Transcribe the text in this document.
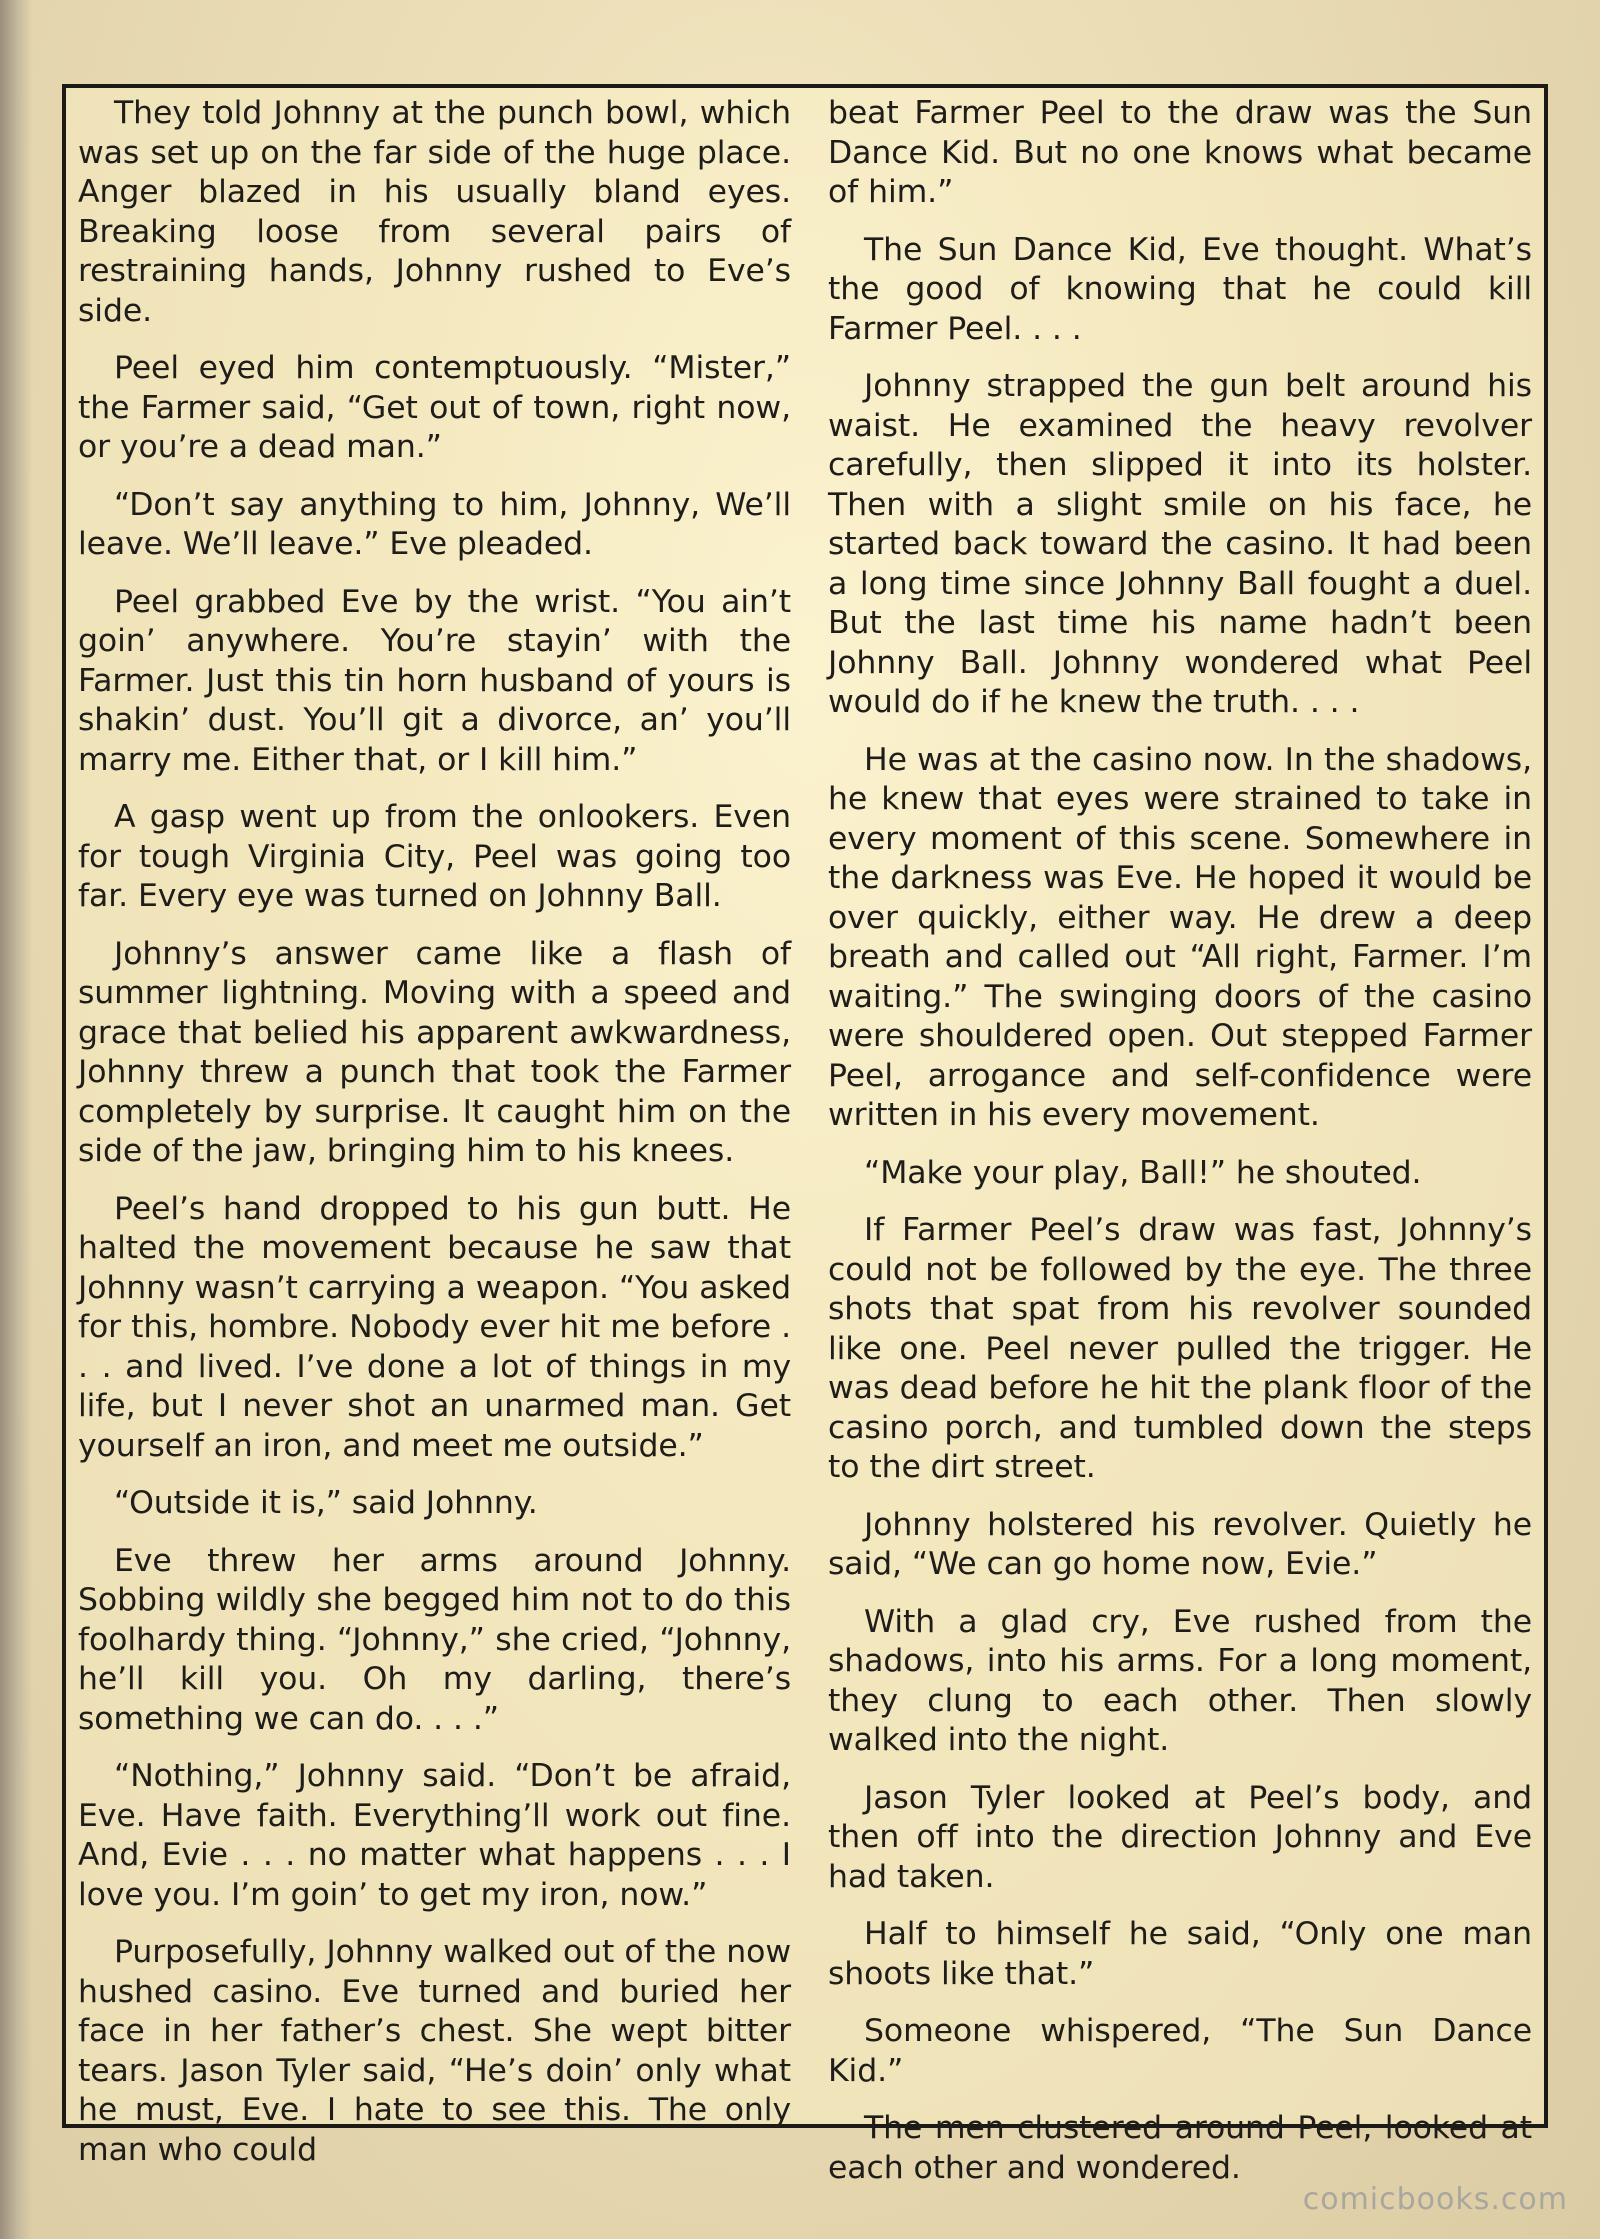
They told Johnny at the punch bowl, which was set up on the far side of the huge place. Anger blazed in his usually bland eyes. Breaking loose from several pairs of restraining hands, Johnny rushed to Eve’s side.

Peel eyed him contemptuously. “Mister,” the Farmer said, “Get out of town, right now, or you’re a dead man.”

“Don’t say anything to him, Johnny, We’ll leave. We’ll leave.” Eve pleaded.

Peel grabbed Eve by the wrist. “You ain’t goin’ anywhere. You’re stayin’ with the Farmer. Just this tin horn husband of yours is shakin’ dust. You’ll git a divorce, an’ you’ll marry me. Either that, or I kill him.”

A gasp went up from the onlookers. Even for tough Virginia City, Peel was going too far. Every eye was turned on Johnny Ball.

Johnny’s answer came like a flash of summer lightning. Moving with a speed and grace that belied his apparent awkwardness, Johnny threw a punch that took the Farmer completely by surprise. It caught him on the side of the jaw, bringing him to his knees.

Peel’s hand dropped to his gun butt. He halted the movement because he saw that Johnny wasn’t carrying a weapon. “You asked for this, hombre. Nobody ever hit me before . . . and lived. I’ve done a lot of things in my life, but I never shot an unarmed man. Get yourself an iron, and meet me outside.”

“Outside it is,” said Johnny.

Eve threw her arms around Johnny. Sobbing wildly she begged him not to do this foolhardy thing. “Johnny,” she cried, “Johnny, he’ll kill you. Oh my darling, there’s something we can do. . . .”

“Nothing,” Johnny said. “Don’t be afraid, Eve. Have faith. Everything’ll work out fine. And, Evie . . . no matter what happens . . . I love you. I’m goin’ to get my iron, now.”

Purposefully, Johnny walked out of the now hushed casino. Eve turned and buried her face in her father’s chest. She wept bitter tears. Jason Tyler said, “He’s doin’ only what he must, Eve. I hate to see this. The only man who could

beat Farmer Peel to the draw was the Sun Dance Kid. But no one knows what became of him.”

The Sun Dance Kid, Eve thought. What’s the good of knowing that he could kill Farmer Peel. . . .

Johnny strapped the gun belt around his waist. He examined the heavy revolver carefully, then slipped it into its holster. Then with a slight smile on his face, he started back toward the casino. It had been a long time since Johnny Ball fought a duel. But the last time his name hadn’t been Johnny Ball. Johnny wondered what Peel would do if he knew the truth. . . .

He was at the casino now. In the shadows, he knew that eyes were strained to take in every moment of this scene. Somewhere in the darkness was Eve. He hoped it would be over quickly, either way. He drew a deep breath and called out “All right, Farmer. I’m waiting.” The swinging doors of the casino were shouldered open. Out stepped Farmer Peel, arrogance and self-confidence were written in his every movement.

“Make your play, Ball!” he shouted.

If Farmer Peel’s draw was fast, Johnny’s could not be followed by the eye. The three shots that spat from his revolver sounded like one. Peel never pulled the trigger. He was dead before he hit the plank floor of the casino porch, and tumbled down the steps to the dirt street.

Johnny holstered his revolver. Quietly he said, “We can go home now, Evie.”

With a glad cry, Eve rushed from the shadows, into his arms. For a long moment, they clung to each other. Then slowly walked into the night.

Jason Tyler looked at Peel’s body, and then off into the direction Johnny and Eve had taken.

Half to himself he said, “Only one man shoots like that.”

Someone whispered, “The Sun Dance Kid.”

The men clustered around Peel, looked at each other and wondered.

comicbooks.com
